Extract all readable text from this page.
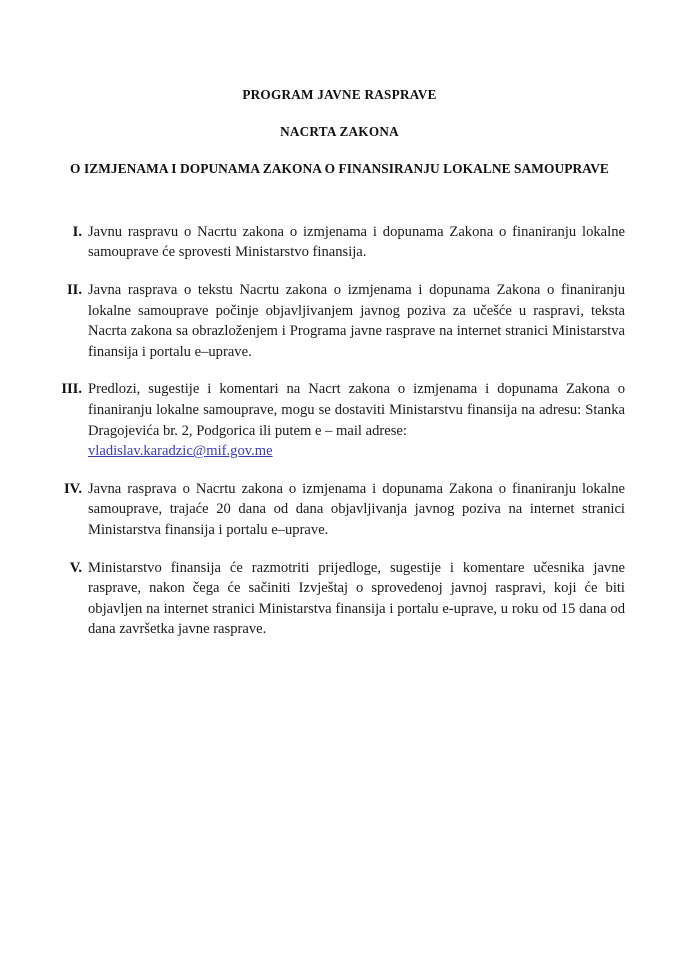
PROGRAM JAVNE RASPRAVE
NACRTA ZAKONA
O IZMJENAMA I DOPUNAMA ZAKONA O FINANSIRANJU LOKALNE SAMOUPRAVE
I. Javnu raspravu o Nacrtu zakona o izmjenama i dopunama Zakona o finaniranju lokalne samouprave će sprovesti Ministarstvo finansija.
II. Javna rasprava o tekstu Nacrtu zakona o izmjenama i dopunama Zakona o finaniranju lokalne samouprave počinje objavljivanjem javnog poziva za učešće u raspravi, teksta Nacrta zakona sa obrazloženjem i Programa javne rasprave na internet stranici Ministarstva finansija i portalu e–uprave.
III. Predlozi, sugestije i komentari na Nacrt zakona o izmjenama i dopunama Zakona o finaniranju lokalne samouprave, mogu se dostaviti Ministarstvu finansija na adresu: Stanka Dragojevića br. 2, Podgorica ili putem e – mail adrese:
vladislav.karadzic@mif.gov.me
IV. Javna rasprava o Nacrtu zakona o izmjenama i dopunama Zakona o finaniranju lokalne samouprave, trajaće 20 dana od dana objavljivanja javnog poziva na internet stranici Ministarstva finansija i portalu e–uprave.
V. Ministarstvo finansija će razmotriti prijedloge, sugestije i komentare učesnika javne rasprave, nakon čega će sačiniti Izvještaj o sprovedenoj javnoj raspravi, koji će biti objavljen na internet stranici Ministarstva finansija i portalu e-uprave, u roku od 15 dana od dana završetka javne rasprave.
